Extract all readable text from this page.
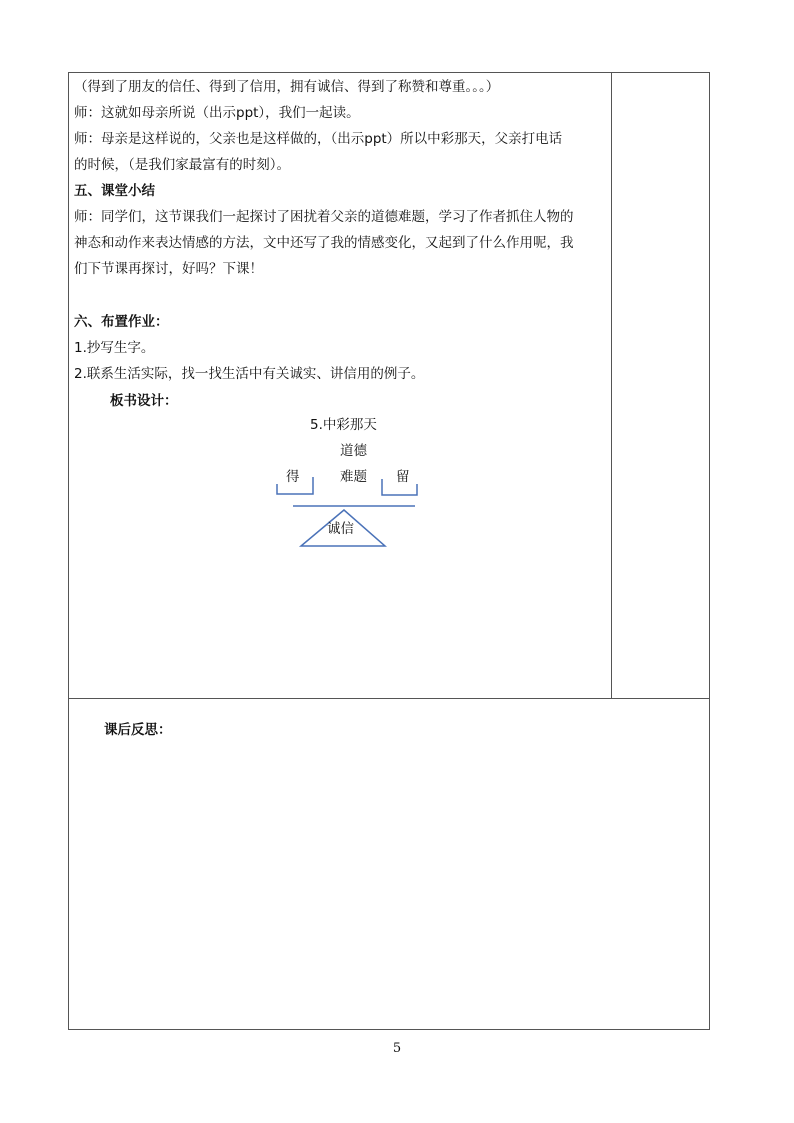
（得到了朋友的信任、得到了信用，拥有诚信、得到了称赞和尊重。。。）
师：这就如母亲所说（出示ppt），我们一起读。
师：母亲是这样说的，父亲也是这样做的，（出示ppt）所以中彩那天，父亲打电话
的时候，（是我们家最富有的时刻）。
五、课堂小结
师：同学们，这节课我们一起探讨了困扰着父亲的道德难题，学习了作者抓住人物的
神态和动作来表达情感的方法，文中还写了我的情感变化，又起到了什么作用呢，我
们下节课再探讨，好吗？下课！
六、布置作业：
1.抄写生字。
2.联系生活实际，找一找生活中有关诚实、讲信用的例子。
板书设计：
5.中彩那天
道德
得	难题 留
诚信
课后反思：
5
